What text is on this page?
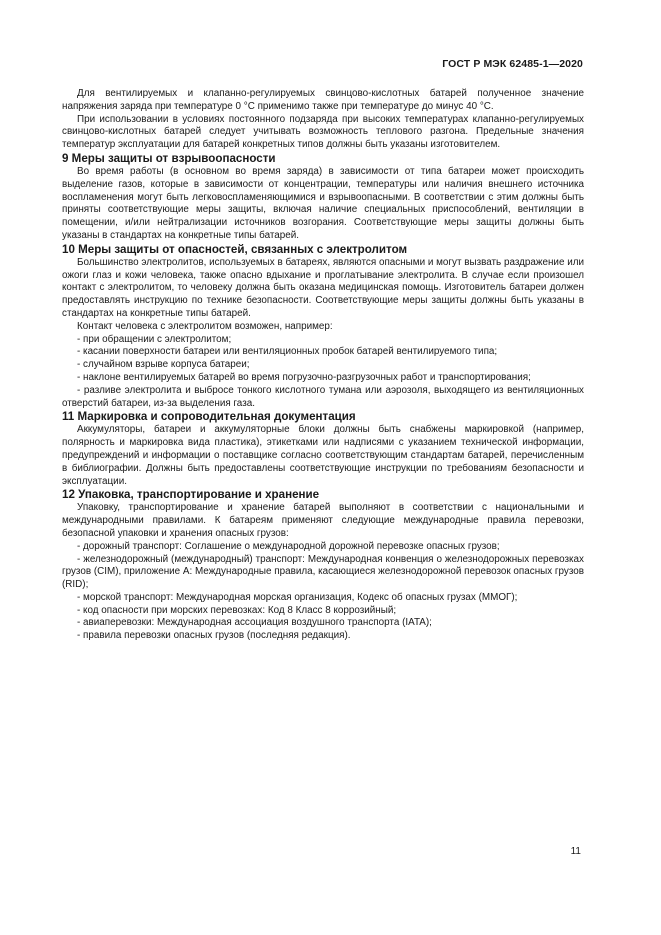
ГОСТ Р МЭК 62485-1—2020

Для вентилируемых и клапанно-регулируемых свинцово-кислотных батарей полученное значение напряжения заряда при температуре 0 °С применимо также при температуре до минус 40 °С.

При использовании в условиях постоянного подзаряда при высоких температурах клапанно-регулируемых свинцово-кислотных батарей следует учитывать возможность теплового разгона. Предельные значения температур эксплуатации для батарей конкретных типов должны быть указаны изготовителем.

9 Меры защиты от взрывоопасности

Во время работы (в основном во время заряда) в зависимости от типа батареи может происходить выделение газов, которые в зависимости от концентрации, температуры или наличия внешнего источника воспламенения могут быть легковоспламеняющимися и взрывоопасными. В соответствии с этим должны быть приняты соответствующие меры защиты, включая наличие специальных приспособлений, вентиляции в помещении, и/или нейтрализации источников возгорания. Соответствующие меры защиты должны быть указаны в стандартах на конкретные типы батарей.

10 Меры защиты от опасностей, связанных с электролитом

Большинство электролитов, используемых в батареях, являются опасными и могут вызвать раздражение или ожоги глаз и кожи человека, также опасно вдыхание и проглатывание электролита. В случае если произошел контакт с электролитом, то человеку должна быть оказана медицинская помощь. Изготовитель батареи должен предоставлять инструкцию по технике безопасности. Соответствующие меры защиты должны быть указаны в стандартах на конкретные типы батарей.

Контакт человека с электролитом возможен, например:

- при обращении с электролитом;

- касании поверхности батареи или вентиляционных пробок батарей вентилируемого типа;

- случайном взрыве корпуса батареи;

- наклоне вентилируемых батарей во время погрузочно-разгрузочных работ и транспортирования;

- разливе электролита и выбросе тонкого кислотного тумана или аэрозоля, выходящего из вентиляционных отверстий батареи, из-за выделения газа.

11 Маркировка и сопроводительная документация

Аккумуляторы, батареи и аккумуляторные блоки должны быть снабжены маркировкой (например, полярность и маркировка вида пластика), этикетками или надписями с указанием технической информации, предупреждений и информации о поставщике согласно соответствующим стандартам батарей, перечисленным в библиографии. Должны быть предоставлены соответствующие инструкции по требованиям безопасности и эксплуатации.

12 Упаковка, транспортирование и хранение

Упаковку, транспортирование и хранение батарей выполняют в соответствии с национальными и международными правилами. К батареям применяют следующие международные правила перевозки, безопасной упаковки и хранения опасных грузов:

- дорожный транспорт: Соглашение о международной дорожной перевозке опасных грузов;

- железнодорожный (международный) транспорт: Международная конвенция о железнодорожных перевозках грузов (CIM), приложение А: Международные правила, касающиеся железнодорожной перевозок опасных грузов (RID);

- морской транспорт: Международная морская организация, Кодекс об опасных грузах (ММОГ);

- код опасности при морских перевозках: Код 8 Класс 8 коррозийный;

- авиаперевозки: Международная ассоциация воздушного транспорта (IATA);

- правила перевозки опасных грузов (последняя редакция).

11
